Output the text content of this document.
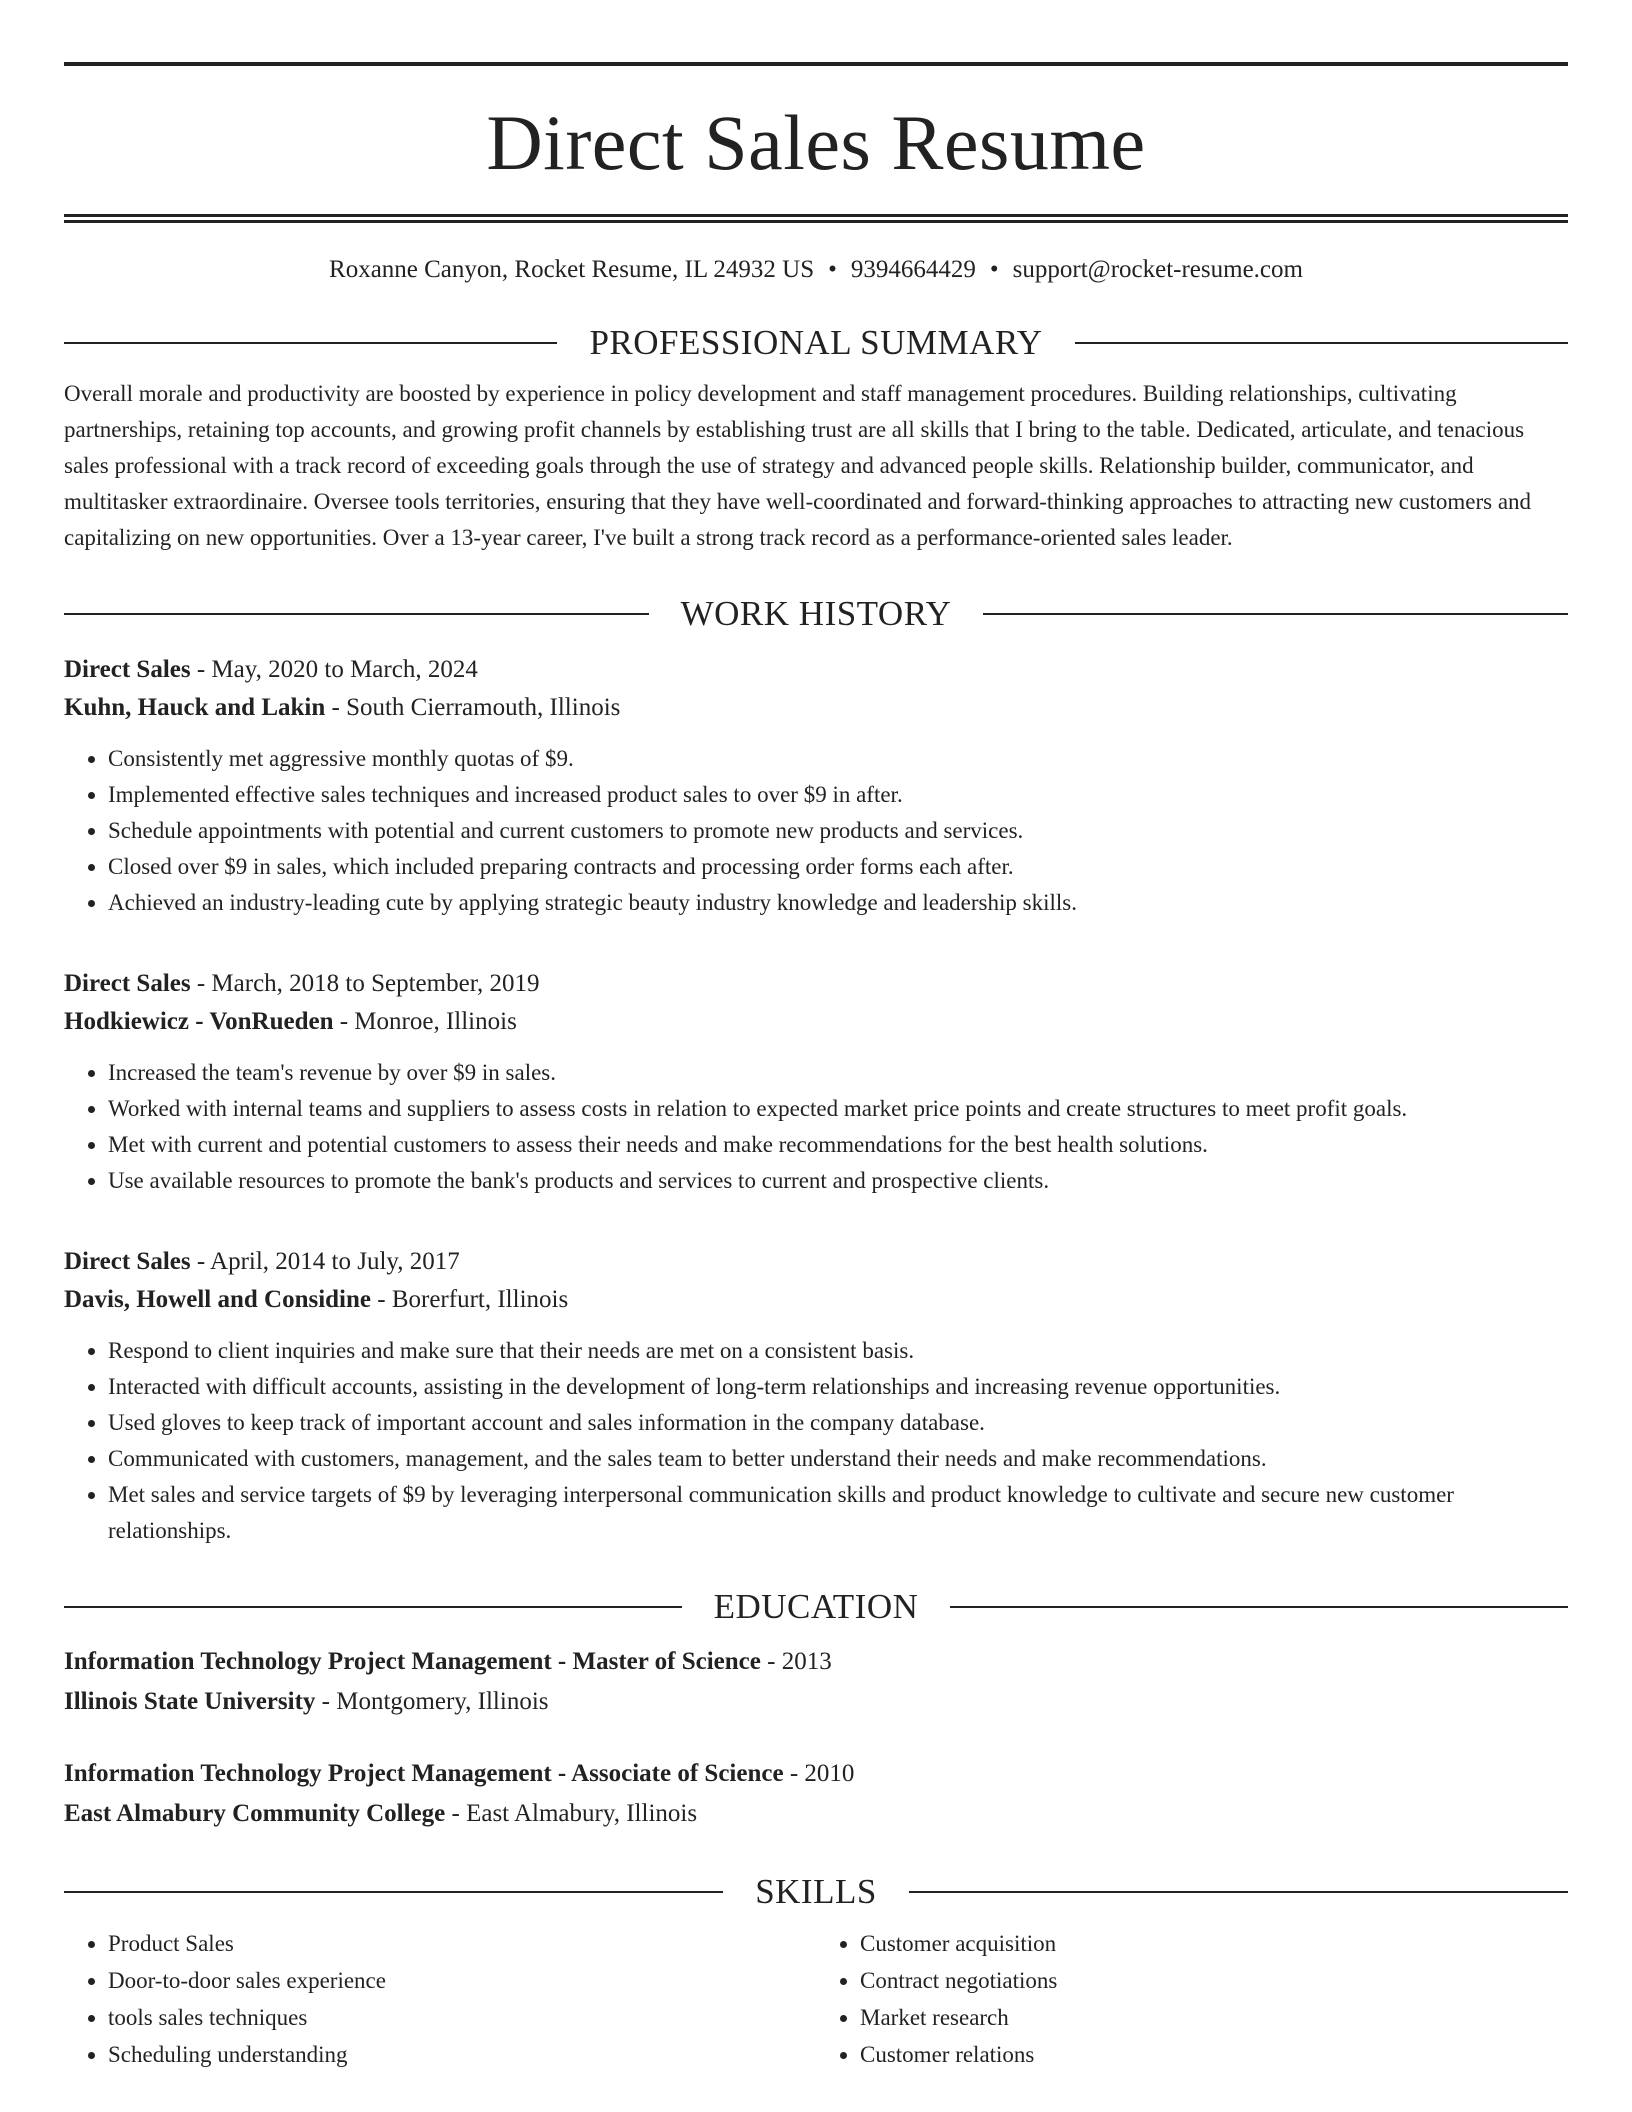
Direct Sales Resume
Roxanne Canyon, Rocket Resume, IL 24932 US • 9394664429 • support@rocket-resume.com
PROFESSIONAL SUMMARY

Overall morale and productivity are boosted by experience in policy development and staff management procedures. Building relationships, cultivating partnerships, retaining top accounts, and growing profit channels by establishing trust are all skills that I bring to the table. Dedicated, articulate, and tenacious sales professional with a track record of exceeding goals through the use of strategy and advanced people skills. Relationship builder, communicator, and multitasker extraordinaire. Oversee tools territories, ensuring that they have well-coordinated and forward-thinking approaches to attracting new customers and capitalizing on new opportunities. Over a 13-year career, I've built a strong track record as a performance-oriented sales leader.

WORK HISTORY
Direct Sales - May, 2020 to March, 2024
Kuhn, Hauck and Lakin - South Cierramouth, Illinois
• Consistently met aggressive monthly quotas of $9.
• Implemented effective sales techniques and increased product sales to over $9 in after.
• Schedule appointments with potential and current customers to promote new products and services.
• Closed over $9 in sales, which included preparing contracts and processing order forms each after.
• Achieved an industry-leading cute by applying strategic beauty industry knowledge and leadership skills.
Direct Sales - March, 2018 to September, 2019
Hodkiewicz - VonRueden - Monroe, Illinois
• Increased the team's revenue by over $9 in sales.
• Worked with internal teams and suppliers to assess costs in relation to expected market price points and create structures to meet profit goals.
• Met with current and potential customers to assess their needs and make recommendations for the best health solutions.
• Use available resources to promote the bank's products and services to current and prospective clients.
Direct Sales - April, 2014 to July, 2017
Davis, Howell and Considine - Borerfurt, Illinois
• Respond to client inquiries and make sure that their needs are met on a consistent basis.
• Interacted with difficult accounts, assisting in the development of long-term relationships and increasing revenue opportunities.
• Used gloves to keep track of important account and sales information in the company database.
• Communicated with customers, management, and the sales team to better understand their needs and make recommendations.
• Met sales and service targets of $9 by leveraging interpersonal communication skills and product knowledge to cultivate and secure new customer relationships.
EDUCATION
Information Technology Project Management - Master of Science - 2013
Illinois State University - Montgomery, Illinois
Information Technology Project Management - Associate of Science - 2010
East Almabury Community College - East Almabury, Illinois
SKILLS
• Product Sales
• Door-to-door sales experience
• tools sales techniques
• Scheduling understanding
• Customer acquisition
• Contract negotiations
• Market research
• Customer relations
